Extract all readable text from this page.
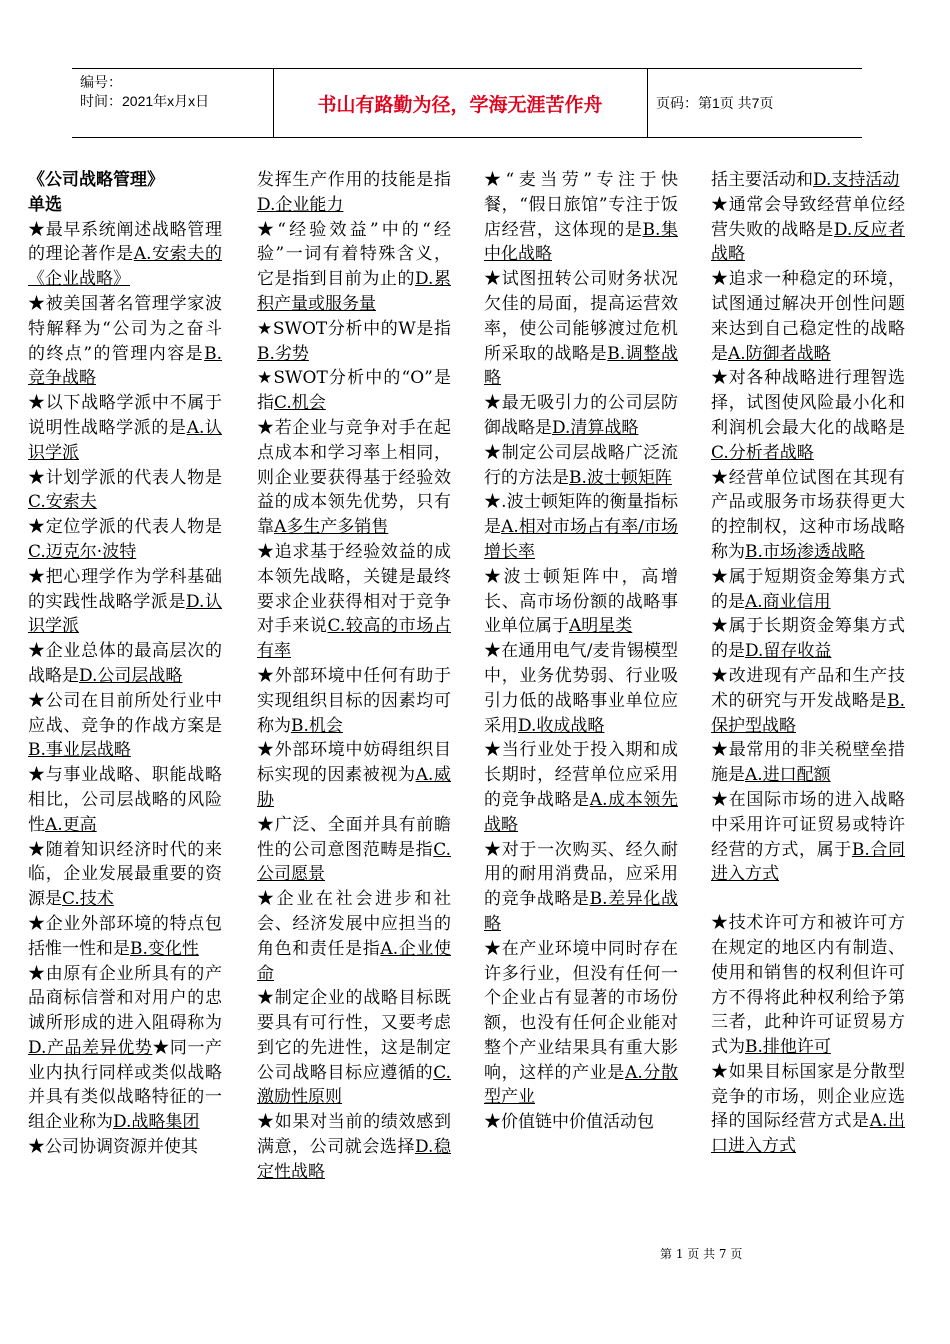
编号：
时间：2021年x月x日	书山有路勤为径，学海无涯苦作舟	页码：第1页 共7页

《公司战略管理》

单选

★最早系统阐述战略管理的理论著作是A.安索夫的《企业战略》

★被美国著名管理学家波特解释为“公司为之奋斗的终点”的管理内容是B.竞争战略

★以下战略学派中不属于说明性战略学派的是A.认识学派

★计划学派的代表人物是C.安索夫

★定位学派的代表人物是C.迈克尔·波特

★把心理学作为学科基础的实践性战略学派是D.认识学派

★企业总体的最高层次的战略是D.公司层战略

★公司在目前所处行业中应战、竞争的作战方案是B.事业层战略

★与事业战略、职能战略相比，公司层战略的风险性A.更高

★随着知识经济时代的来临，企业发展最重要的资源是C.技术

★企业外部环境的特点包括惟一性和是B.变化性

★由原有企业所具有的产品商标信誉和对用户的忠诚所形成的进入阻碍称为D.产品差异优势★同一产业内执行同样或类似战略并具有类似战略特征的一组企业称为D.战略集团

★公司协调资源并使其

发挥生产作用的技能是指D.企业能力

★“经验效益”中的“经验”一词有着特殊含义，它是指到目前为止的D.累积产量或服务量

★SWOT分析中的W是指B.劣势

★SWOT分析中的“O”是指C.机会

★若企业与竞争对手在起点成本和学习率上相同，则企业要获得基于经验效益的成本领先优势，只有靠A多生产多销售

★追求基于经验效益的成本领先战略，关键是最终要求企业获得相对于竞争对手来说C.较高的市场占有率

★外部环境中任何有助于实现组织目标的因素均可称为B.机会

★外部环境中妨碍组织目标实现的因素被视为A.威胁

★广泛、全面并具有前瞻性的公司意图范畴是指C.公司愿景

★企业在社会进步和社会、经济发展中应担当的角色和责任是指A.企业使命

★制定企业的战略目标既要具有可行性，又要考虑到它的先进性，这是制定公司战略目标应遵循的C.激励性原则

★如果对当前的绩效感到满意，公司就会选择D.稳定性战略

★“麦当劳”专注于快餐，“假日旅馆”专注于饭店经营，这体现的是B.集中化战略

★试图扭转公司财务状况欠佳的局面，提高运营效率，使公司能够渡过危机所采取的战略是B.调整战略

★最无吸引力的公司层防御战略是D.清算战略

★制定公司层战略广泛流行的方法是B.波士顿矩阵

★.波士顿矩阵的衡量指标是A.相对市场占有率/市场增长率

★波士顿矩阵中，高增长、高市场份额的战略事业单位属于A明星类

★在通用电气/麦肯锡模型中，业务优势弱、行业吸引力低的战略事业单位应采用D.收成战略

★当行业处于投入期和成长期时，经营单位应采用的竞争战略是A.成本领先战略

★对于一次购买、经久耐用的耐用消费品，应采用的竞争战略是B.差异化战略

★在产业环境中同时存在许多行业，但没有任何一个企业占有显著的市场份额，也没有任何企业能对整个产业结果具有重大影响，这样的产业是A.分散型产业

★价值链中价值活动包

括主要活动和D.支持活动

★通常会导致经营单位经营失败的战略是D.反应者战略

★追求一种稳定的环境，试图通过解决开创性问题来达到自己稳定性的战略是A.防御者战略

★对各种战略进行理智选择，试图使风险最小化和利润机会最大化的战略是C.分析者战略

★经营单位试图在其现有产品或服务市场获得更大的控制权，这种市场战略称为B.市场渗透战略

★属于短期资金筹集方式的是A.商业信用

★属于长期资金筹集方式的是D.留存收益

★改进现有产品和生产技术的研究与开发战略是B.保护型战略

★最常用的非关税壁垒措施是A.进口配额

★在国际市场的进入战略中采用许可证贸易或特许经营的方式，属于B.合同进入方式

★技术许可方和被许可方在规定的地区内有制造、使用和销售的权利但许可方不得将此种权利给予第三者，此种许可证贸易方式为B.排他许可

★如果目标国家是分散型竞争的市场，则企业应选择的国际经营方式是A.出口进入方式

第 1 页 共 7 页
